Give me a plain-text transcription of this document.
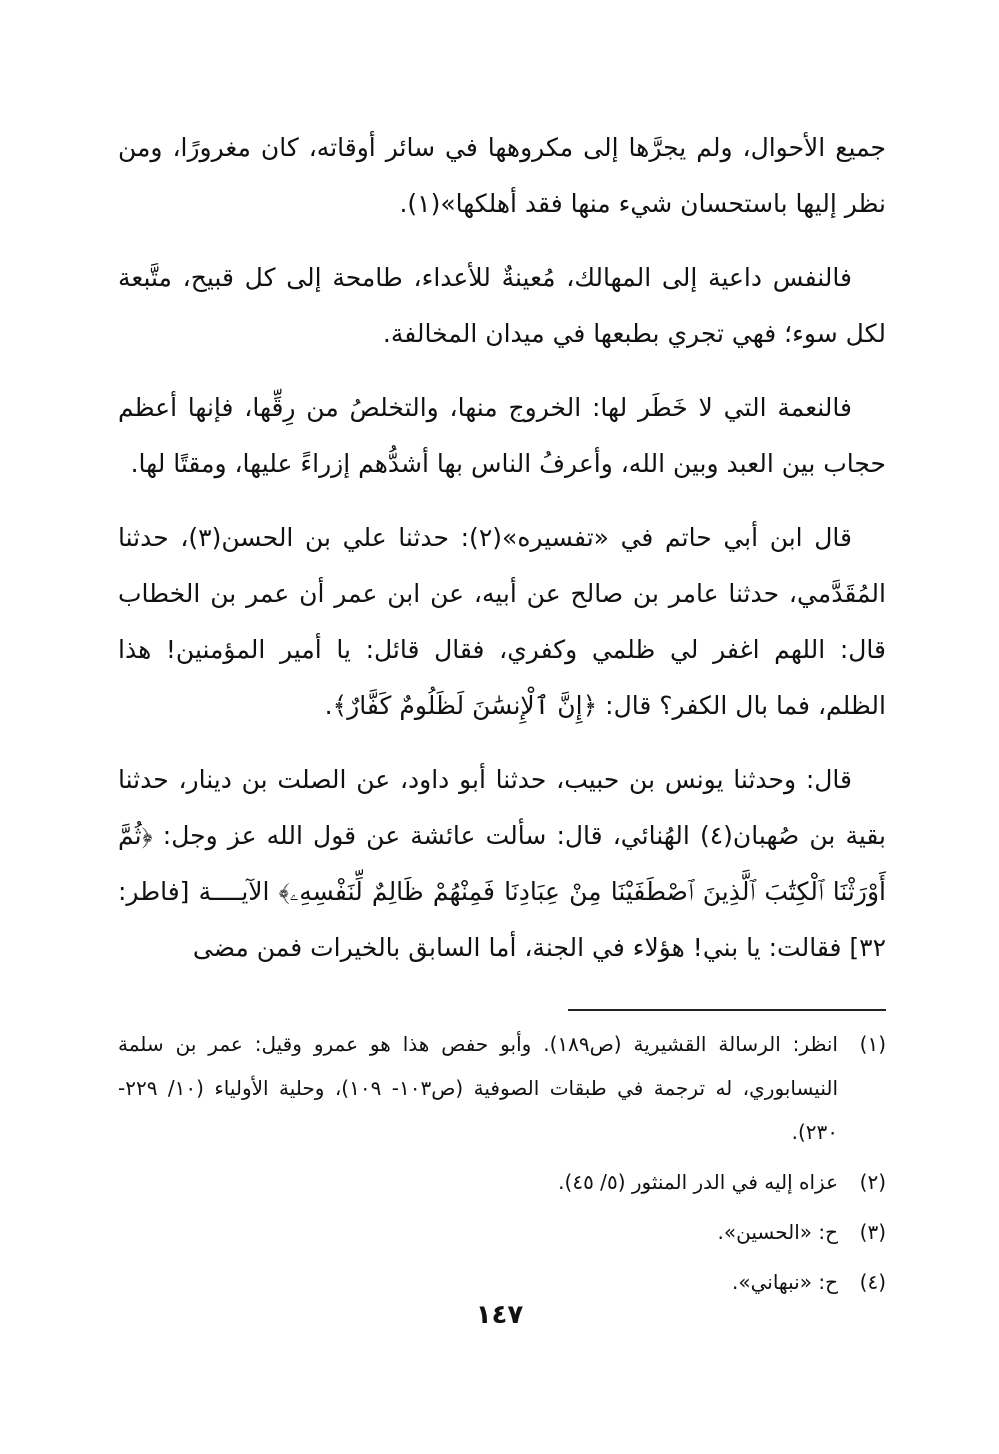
جميع الأحوال، ولم يجرَّها إلى مكروهها في سائر أوقاته، كان مغرورًا، ومن نظر إليها باستحسان شيء منها فقد أهلكها»(١).

فالنفس داعية إلى المهالك، مُعينةٌ للأعداء، طامحة إلى كل قبيح، متَّبعة لكل سوء؛ فهي تجري بطبعها في ميدان المخالفة.

فالنعمة التي لا خَطَر لها: الخروج منها، والتخلصُ من رِقِّها، فإنها أعظم حجاب بين العبد وبين الله، وأعرفُ الناس بها أشدُّهم إزراءً عليها، ومقتًا لها.

قال ابن أبي حاتم في «تفسيره»(٢): حدثنا علي بن الحسن(٣)، حدثنا المُقَدَّمي، حدثنا عامر بن صالح عن أبيه، عن ابن عمر أن عمر بن الخطاب قال: اللهم اغفر لي ظلمي وكفري، فقال قائل: يا أمير المؤمنين! هذا الظلم، فما بال الكفر؟ قال: ﴿إِنَّ ٱلْإِنسَٰنَ لَظَلُومٌ كَفَّارٌ﴾.

قال: وحدثنا يونس بن حبيب، حدثنا أبو داود، عن الصلت بن دينار، حدثنا بقية بن صُهبان(٤) الهُنائي، قال: سألت عائشة عن قول الله عز وجل: ﴿ثُمَّ أَوْرَثْنَا ٱلْكِتَٰبَ ٱلَّذِينَ ٱصْطَفَيْنَا مِنْ عِبَادِنَا فَمِنْهُمْ ظَالِمٌ لِّنَفْسِهِۦ﴾ الآيــــة [فاطر: ٣٢] فقالت: يا بني! هؤلاء في الجنة، أما السابق بالخيرات فمن مضى

(١)
انظر: الرسالة القشيرية (ص١٨٩). وأبو حفص هذا هو عمرو وقيل: عمر بن سلمة النيسابوري، له ترجمة في طبقات الصوفية (ص١٠٣- ١٠٩)، وحلية الأولياء (١٠/ ٢٢٩- ٢٣٠).
(٢)
عزاه إليه في الدر المنثور (٥/ ٤٥).
(٣)
ح: «الحسين».
(٤)
ح: «نبهاني».
١٤٧
